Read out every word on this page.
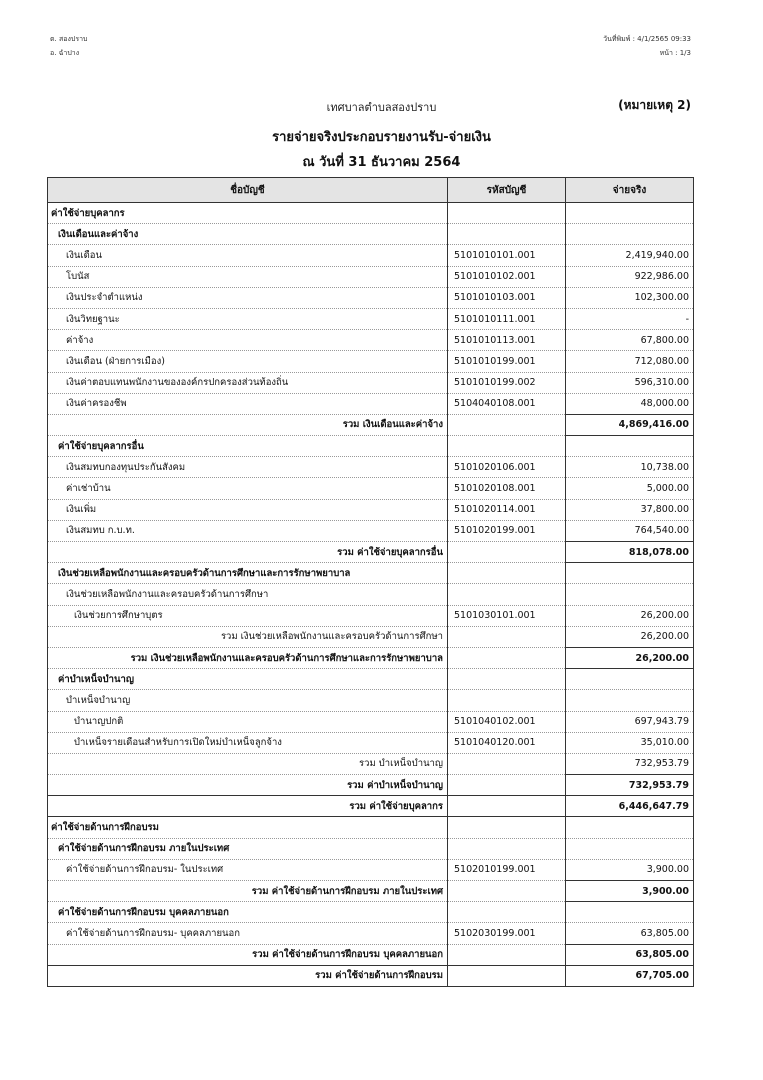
ต. สองปราบ
อ. ฉำปาง
วันที่พิมพ์ : 4/1/2565 09:33
หน้า : 1/3
เทศบาลตำบลสองปราบ	(หมายเหตุ 2)
รายจ่ายจริงประกอบรายงานรับ-จ่ายเงิน
ณ วันที่ 31 ธันวาคม 2564
ชื่อบัญชี	รหัสบัญชี	จ่ายจริง
ค่าใช้จ่ายบุคลากร		
เงินเดือนและค่าจ้าง		
เงินเดือน	5101010101.001	2,419,940.00
โบนัส	5101010102.001	922,986.00
เงินประจำตำแหน่ง	5101010103.001	102,300.00
เงินวิทยฐานะ	5101010111.001	-
ค่าจ้าง	5101010113.001	67,800.00
เงินเดือน (ฝ่ายการเมือง)	5101010199.001	712,080.00
เงินค่าตอบแทนพนักงานขององค์กรปกครองส่วนท้องถิ่น	5101010199.002	596,310.00
เงินค่าครองชีพ	5104040108.001	48,000.00
รวม เงินเดือนและค่าจ้าง		4,869,416.00
ค่าใช้จ่ายบุคลากรอื่น		
เงินสมทบกองทุนประกันสังคม	5101020106.001	10,738.00
ค่าเช่าบ้าน	5101020108.001	5,000.00
เงินเพิ่ม	5101020114.001	37,800.00
เงินสมทบ ก.บ.ท.	5101020199.001	764,540.00
รวม ค่าใช้จ่ายบุคลากรอื่น		818,078.00
เงินช่วยเหลือพนักงานและครอบครัวด้านการศึกษาและการรักษาพยาบาล		
เงินช่วยเหลือพนักงานและครอบครัวด้านการศึกษา		
เงินช่วยการศึกษาบุตร	5101030101.001	26,200.00
รวม เงินช่วยเหลือพนักงานและครอบครัวด้านการศึกษา		26,200.00
รวม เงินช่วยเหลือพนักงานและครอบครัวด้านการศึกษาและการรักษาพยาบาล		26,200.00
ค่าบำเหน็จบำนาญ		
บำเหน็จบำนาญ		
บำนาญปกติ	5101040102.001	697,943.79
บำเหน็จรายเดือนสำหรับการเปิดใหม่บำเหน็จลูกจ้าง	5101040120.001	35,010.00
รวม บำเหน็จบำนาญ		732,953.79
รวม ค่าบำเหน็จบำนาญ		732,953.79
รวม ค่าใช้จ่ายบุคลากร		6,446,647.79
ค่าใช้จ่ายด้านการฝึกอบรม		
ค่าใช้จ่ายด้านการฝึกอบรม ภายในประเทศ		
ค่าใช้จ่ายด้านการฝึกอบรม- ในประเทศ	5102010199.001	3,900.00
รวม ค่าใช้จ่ายด้านการฝึกอบรม ภายในประเทศ		3,900.00
ค่าใช้จ่ายด้านการฝึกอบรม บุคคลภายนอก		
ค่าใช้จ่ายด้านการฝึกอบรม- บุคคลภายนอก	5102030199.001	63,805.00
รวม ค่าใช้จ่ายด้านการฝึกอบรม บุคคลภายนอก		63,805.00
รวม ค่าใช้จ่ายด้านการฝึกอบรม		67,705.00
